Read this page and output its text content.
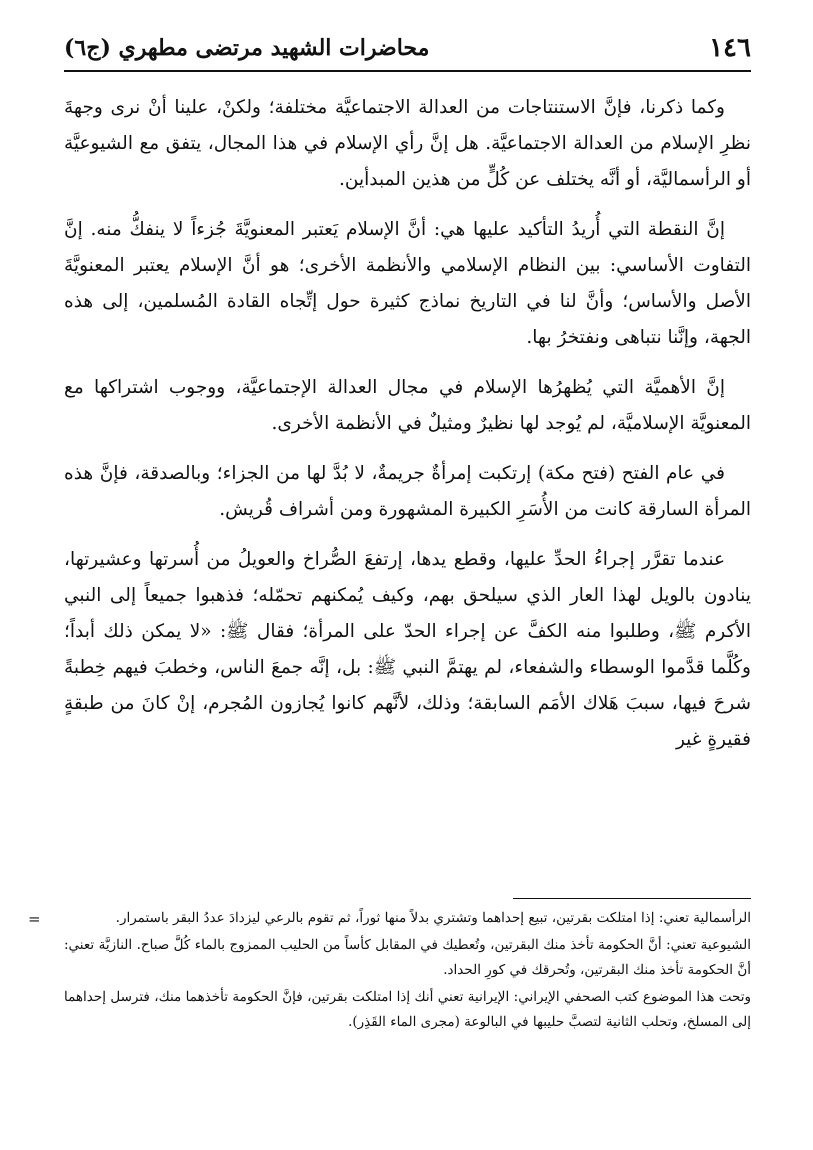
١٤٦
محاضرات الشهيد مرتضى مطهري (ج٦)

وكما ذكرنا، فإنَّ الاستنتاجات من العدالة الاجتماعيَّة مختلفة؛ ولكنْ، علينا أنْ نرى وجهةَ نظرِ الإسلام من العدالة الاجتماعيَّة. هل إنَّ رأي الإسلام في هذا المجال، يتفق مع الشيوعيَّة أو الرأسماليَّة، أو أنَّه يختلف عن كُلٍّ من هذين المبدأين.

إنَّ النقطة التي أُريدُ التأكيد عليها هي: أنَّ الإسلام يَعتبر المعنويَّةَ جُزءاً لا ينفكُّ منه. إنَّ التفاوت الأساسي: بين النظام الإسلامي والأنظمة الأخرى؛ هو أنَّ الإسلام يعتبر المعنويَّةَ الأصل والأساس؛ وأنَّ لنا في التاريخ نماذج كثيرة حول إتِّجاه القادة المُسلمين، إلى هذه الجهة، وإنَّنا نتباهى ونفتخرُ بها.

إنَّ الأهميَّة التي يُظهرُها الإسلام في مجال العدالة الإجتماعيَّة، ووجوب اشتراكها مع المعنويَّة الإسلاميَّة، لم يُوجد لها نظيرٌ ومثيلٌ في الأنظمة الأخرى.

في عام الفتح (فتح مكة) إرتكبت إمرأةٌ جريمةٌ، لا بُدَّ لها من الجزاء؛ وبالصدقة، فإنَّ هذه المرأة السارقة كانت من الأُسَرِ الكبيرة المشهورة ومن أشراف قُريش.

عندما تقرَّر إجراءُ الحدِّ عليها، وقطع يدها، إرتفعَ الصُّراخ والعويلُ من أُسرتها وعشيرتها، ينادون بالويل لهذا العار الذي سيلحق بهم، وكيف يُمكنهم تحمّله؛ فذهبوا جميعاً إلى النبي الأكرم ﷺ، وطلبوا منه الكفَّ عن إجراء الحدّ على المرأة؛ فقال ﷺ: «لا يمكن ذلك أبداً؛ وكُلَّما قدَّموا الوسطاء والشفعاء، لم يهتمَّ النبي ﷺ: بل، إنَّه جمعَ الناس، وخطبَ فيهم خِطبةً شرحَ فيها، سببَ هَلاك الأمَم السابقة؛ وذلك، لأنَّهم كانوا يُجازون المُجرم، إنْ كانَ من طبقةٍ فقيرةٍ غير

=	الرأسمالية تعني: إذا امتلكت بقرتين، تبيع إحداهما وتشتري بدلاً منها ثوراً، ثم تقوم بالرعي ليزدادَ عددُ البقر باستمرار.

الشيوعية تعني: أنَّ الحكومة تأخذ منك البقرتين، وتُعطيك في المقابل كأساً من الحليب الممزوج بالماء كُلَّ صباح. النازيَّة تعني: أنَّ الحكومة تأخذ منك البقرتين، وتُحرقك في كورِ الحداد.

وتحت هذا الموضوع كتب الصحفي الإيراني: الإيرانية تعني أنك إذا امتلكت بقرتين، فإنَّ الحكومة تأخذهما منك، فترسل إحداهما إلى المسلخ، وتحلب الثانية لتصبَّ حليبها في البالوعة (مجرى الماء القَذِر).
